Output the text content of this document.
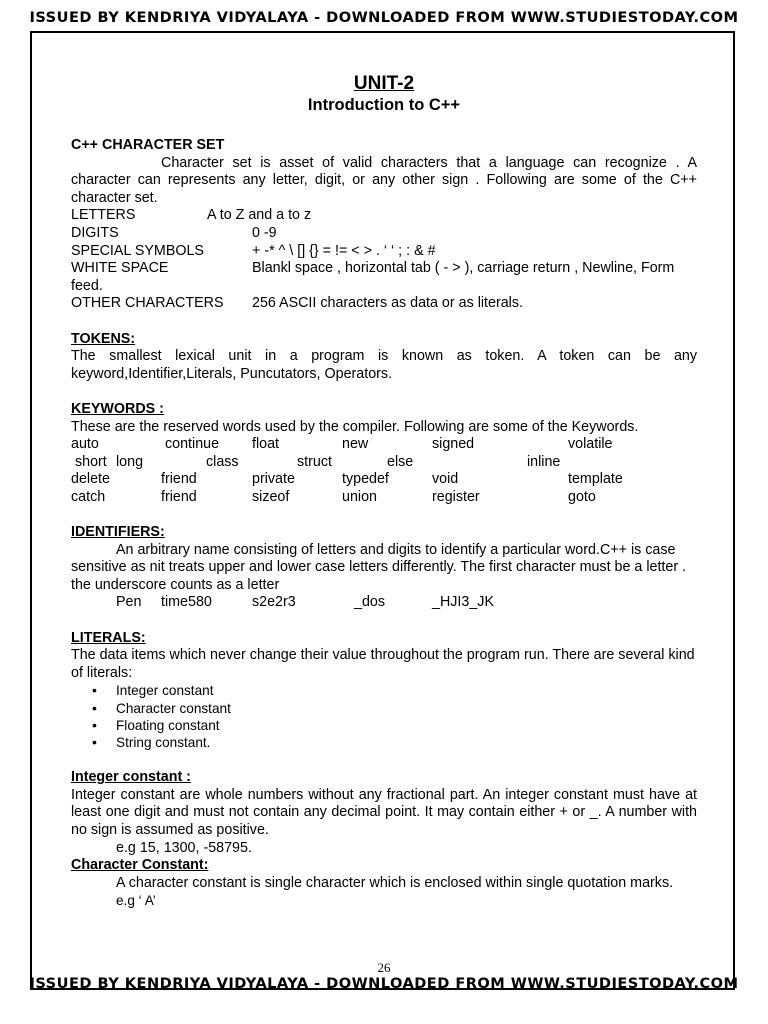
ISSUED BY KENDRIYA VIDYALAYA - DOWNLOADED FROM WWW.STUDIESTODAY.COM
UNIT-2
Introduction to C++
C++ CHARACTER SET
Character set is asset of valid characters that a language can recognize . A
character can represents any letter, digit, or any other sign . Following are some of the C++ character set.
LETTERS	A to Z and a to z
DIGITS	0 -9
SPECIAL SYMBOLS	+ -* ^ \ [] {} = != < > . ‘ ‘ ; : & #
WHITE SPACE	Blankl space , horizontal tab ( - > ), carriage return , Newline, Form
feed.
OTHER CHARACTERS 256 ASCII characters as data or as literals.
TOKENS:
The smallest lexical unit in a program is known as token. A token can be any keyword,Identifier,Literals, Puncutators, Operators.
KEYWORDS :
These are the reserved words used by the compiler. Following are some of the Keywords.
auto	continue float	new	signed	volatile
short long	class	struct	else	inline
delete	friend	private	typedef	void	template
catch	friend	sizeof	union	register	goto
IDENTIFIERS:
An arbitrary name consisting of letters and digits to identify a particular word.C++ is case sensitive as nit treats upper and lower case letters differently. The first character must be a letter . the underscore counts as a letter
Pen time580	s2e2r3	_dos	_HJI3_JK
LITERALS:
The data items which never change their value throughout the program run. There are several kind of literals:
• Integer constant
• Character constant
• Floating constant
• String constant.
Integer constant :
Integer constant are whole numbers without any fractional part. An integer constant must have at least one digit and must not contain any decimal point. It may contain either + or _. A number with no sign is assumed as positive.
e.g 15, 1300, -58795.
Character Constant:
A character constant is single character which is enclosed within single quotation marks.
e.g ‘ A’
26
ISSUED BY KENDRIYA VIDYALAYA - DOWNLOADED FROM WWW.STUDIESTODAY.COM
